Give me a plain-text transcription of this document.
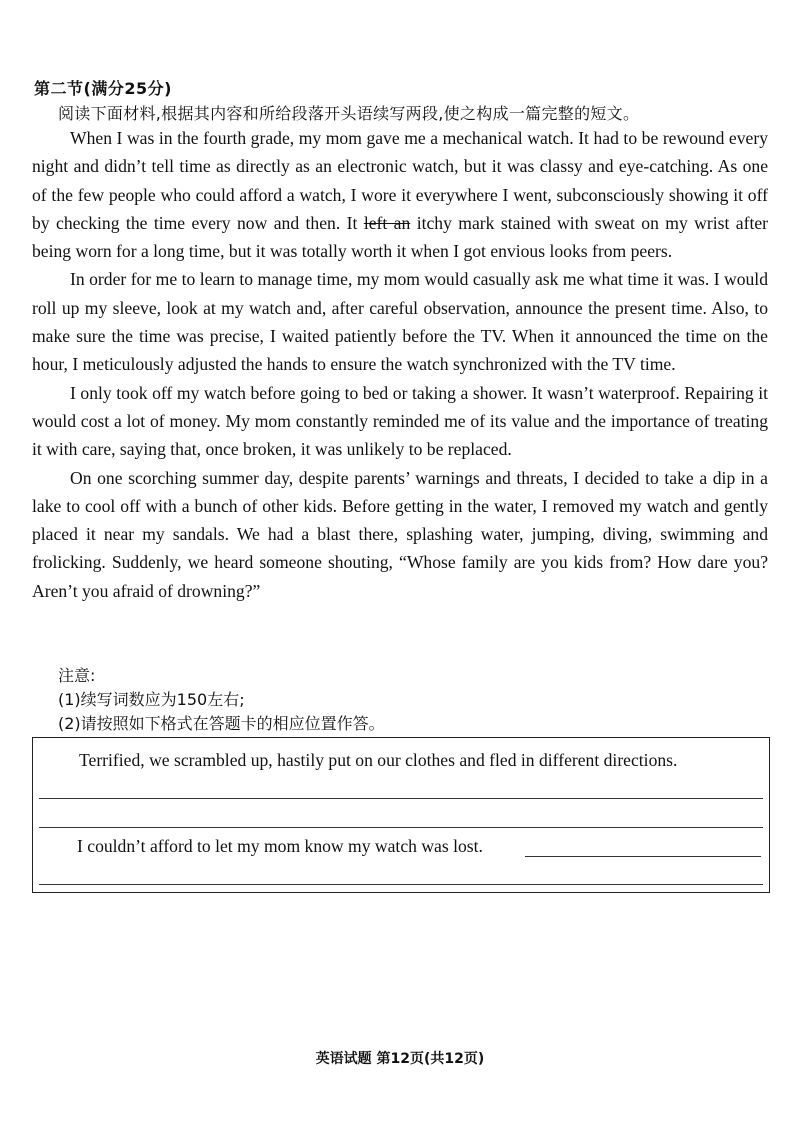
第二节(满分25分)
阅读下面材料,根据其内容和所给段落开头语续写两段,使之构成一篇完整的短文。

When I was in the fourth grade, my mom gave me a mechanical watch. It had to be rewound every night and didn’t tell time as directly as an electronic watch, but it was classy and eye-catching. As one of the few people who could afford a watch, I wore it everywhere I went, subconsciously showing it off by checking the time every now and then. It left an itchy mark stained with sweat on my wrist after being worn for a long time, but it was totally worth it when I got envious looks from peers.

In order for me to learn to manage time, my mom would casually ask me what time it was. I would roll up my sleeve, look at my watch and, after careful observation, announce the present time. Also, to make sure the time was precise, I waited patiently before the TV. When it announced the time on the hour, I meticulously adjusted the hands to ensure the watch synchronized with the TV time.

I only took off my watch before going to bed or taking a shower. It wasn’t waterproof. Repairing it would cost a lot of money. My mom constantly reminded me of its value and the importance of treating it with care, saying that, once broken, it was unlikely to be replaced.

On one scorching summer day, despite parents’ warnings and threats, I decided to take a dip in a lake to cool off with a bunch of other kids. Before getting in the water, I removed my watch and gently placed it near my sandals. We had a blast there, splashing water, jumping, diving, swimming and frolicking. Suddenly, we heard someone shouting, “Whose family are you kids from? How dare you? Aren’t you afraid of drowning?”

注意:
(1)续写词数应为150左右;
(2)请按照如下格式在答题卡的相应位置作答。
Terrified, we scrambled up, hastily put on our clothes and fled in different directions.
I couldn’t afford to let my mom know my watch was lost.
英语试题 第12页(共12页)
